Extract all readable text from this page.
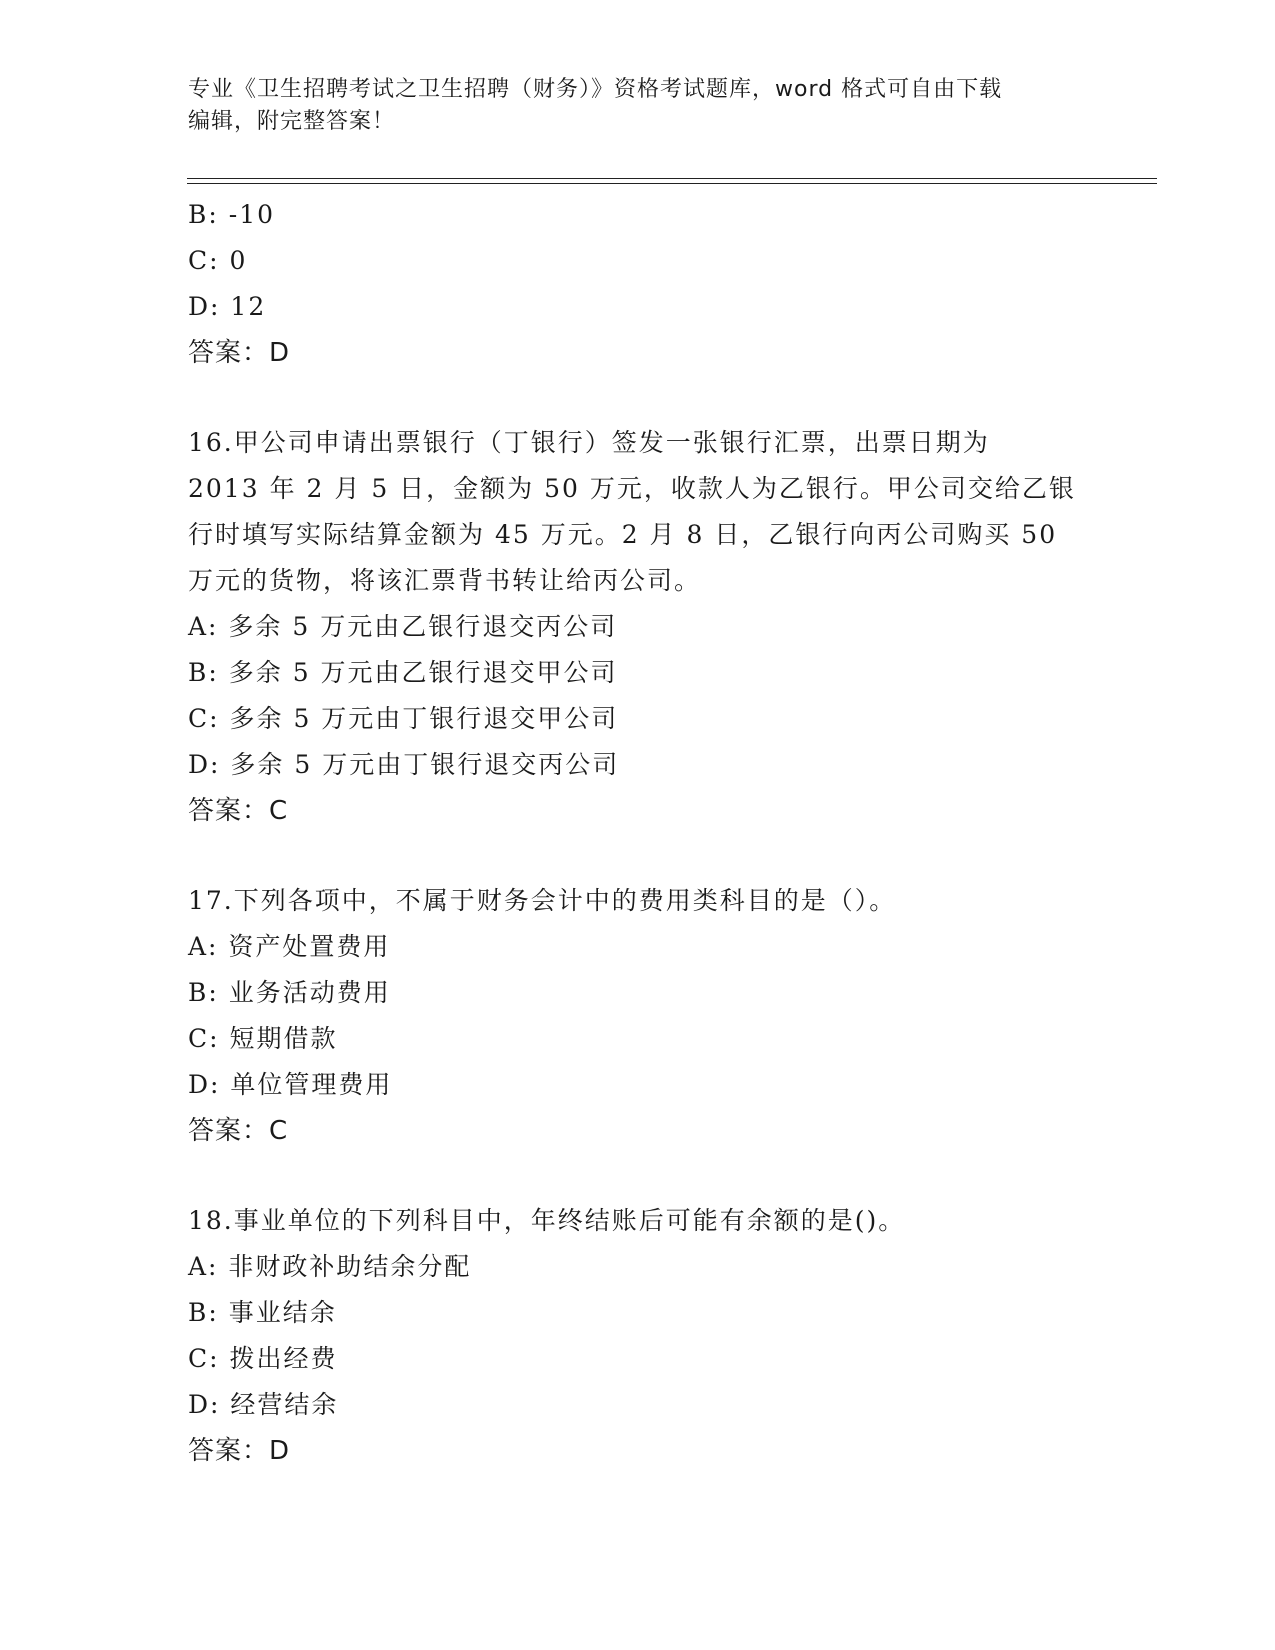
专业《卫生招聘考试之卫生招聘（财务）》资格考试题库，word 格式可自由下载
编辑，附完整答案！
B: -10
C: 0
D: 12
答案：D
16.甲公司申请出票银行（丁银行）签发一张银行汇票，出票日期为
2013 年 2 月 5 日，金额为 50 万元，收款人为乙银行。甲公司交给乙银
行时填写实际结算金额为 45 万元。2 月 8 日，乙银行向丙公司购买 50
万元的货物，将该汇票背书转让给丙公司。
A: 多余 5 万元由乙银行退交丙公司
B: 多余 5 万元由乙银行退交甲公司
C: 多余 5 万元由丁银行退交甲公司
D: 多余 5 万元由丁银行退交丙公司
答案：C
17.下列各项中，不属于财务会计中的费用类科目的是（）。
A: 资产处置费用
B: 业务活动费用
C: 短期借款
D: 单位管理费用
答案：C
18.事业单位的下列科目中，年终结账后可能有余额的是()。
A: 非财政补助结余分配
B: 事业结余
C: 拨出经费
D: 经营结余
答案：D
